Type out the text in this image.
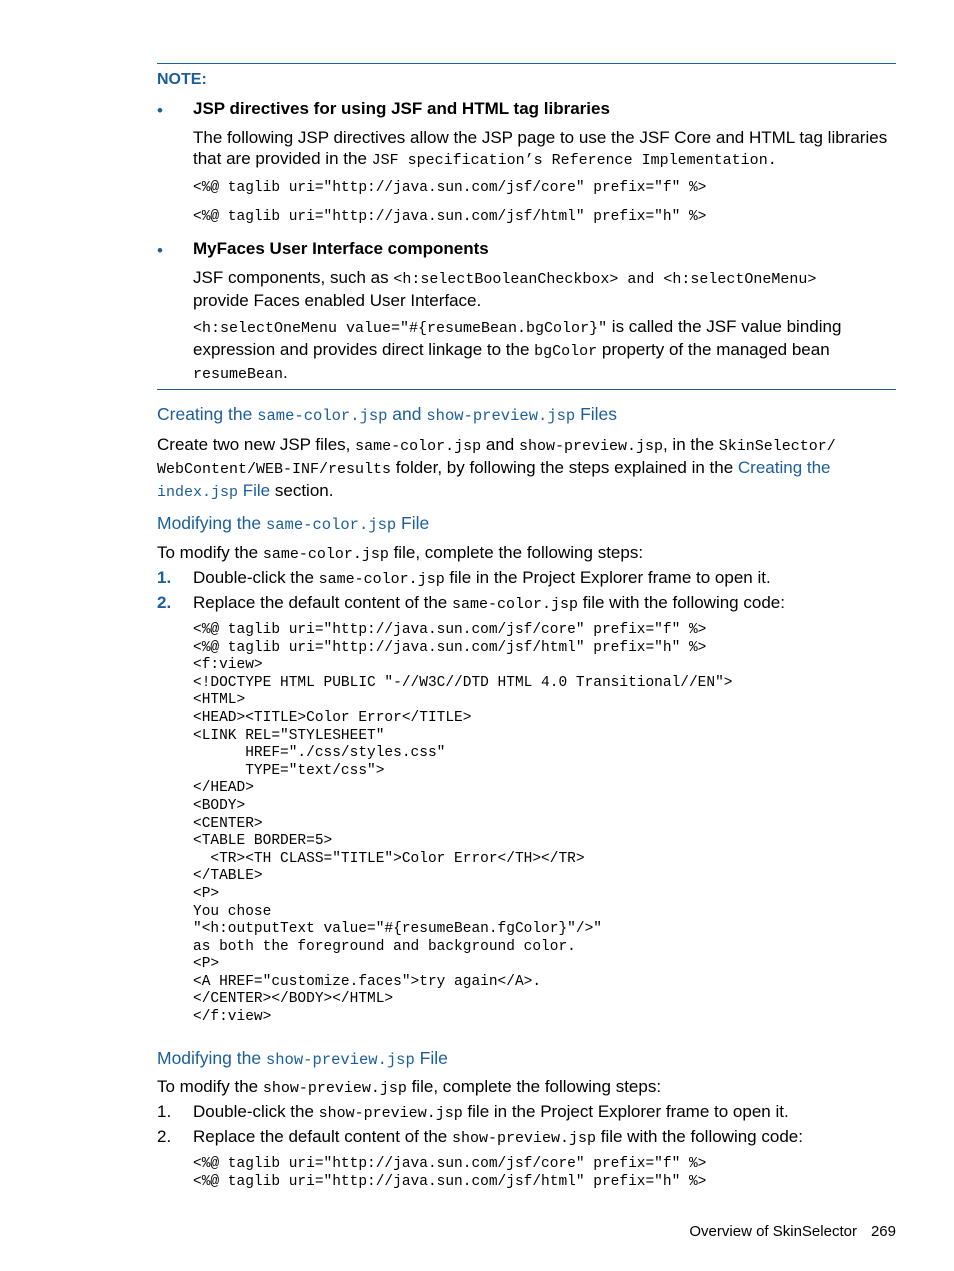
NOTE:
• JSP directives for using JSF and HTML tag libraries
The following JSP directives allow the JSP page to use the JSF Core and HTML tag libraries that are provided in the JSF specification’s Reference Implementation.
<%@ taglib uri="http://java.sun.com/jsf/core" prefix="f" %>
<%@ taglib uri="http://java.sun.com/jsf/html" prefix="h" %>
• MyFaces User Interface components
JSF components, such as <h:selectBooleanCheckbox> and <h:selectOneMenu>
provide Faces enabled User Interface.
<h:selectOneMenu value="#{resumeBean.bgColor}" is called the JSF value binding expression and provides direct linkage to the bgColor property of the managed bean resumeBean.
Creating the same-color.jsp and show-preview.jsp Files
Create two new JSP files, same-color.jsp and show-preview.jsp, in the SkinSelector/ WebContent/WEB-INF/results folder, by following the steps explained in the Creating the index.jsp File section.
Modifying the same-color.jsp File
To modify the same-color.jsp file, complete the following steps:
1. Double-click the same-color.jsp file in the Project Explorer frame to open it.
2. Replace the default content of the same-color.jsp file with the following code:
<%@ taglib uri="http://java.sun.com/jsf/core" prefix="f" %>
<%@ taglib uri="http://java.sun.com/jsf/html" prefix="h" %>
<f:view>
<!DOCTYPE HTML PUBLIC "-//W3C//DTD HTML 4.0 Transitional//EN">
<HTML>
<HEAD><TITLE>Color Error</TITLE>
<LINK REL="STYLESHEET"
HREF="./css/styles.css"
TYPE="text/css">
</HEAD>
<BODY>
<CENTER>
<TABLE BORDER=5>
<TR><TH CLASS="TITLE">Color Error</TH></TR>
</TABLE>
<P>
You chose
"<h:outputText value="#{resumeBean.fgColor}"/>"
as both the foreground and background color.
<P>
<A HREF="customize.faces">try again</A>.
</CENTER></BODY></HTML>
</f:view>
Modifying the show-preview.jsp File
To modify the show-preview.jsp file, complete the following steps:
1. Double-click the show-preview.jsp file in the Project Explorer frame to open it.
2. Replace the default content of the show-preview.jsp file with the following code:
<%@ taglib uri="http://java.sun.com/jsf/core" prefix="f" %>
<%@ taglib uri="http://java.sun.com/jsf/html" prefix="h" %>
Overview of SkinSelector 269
